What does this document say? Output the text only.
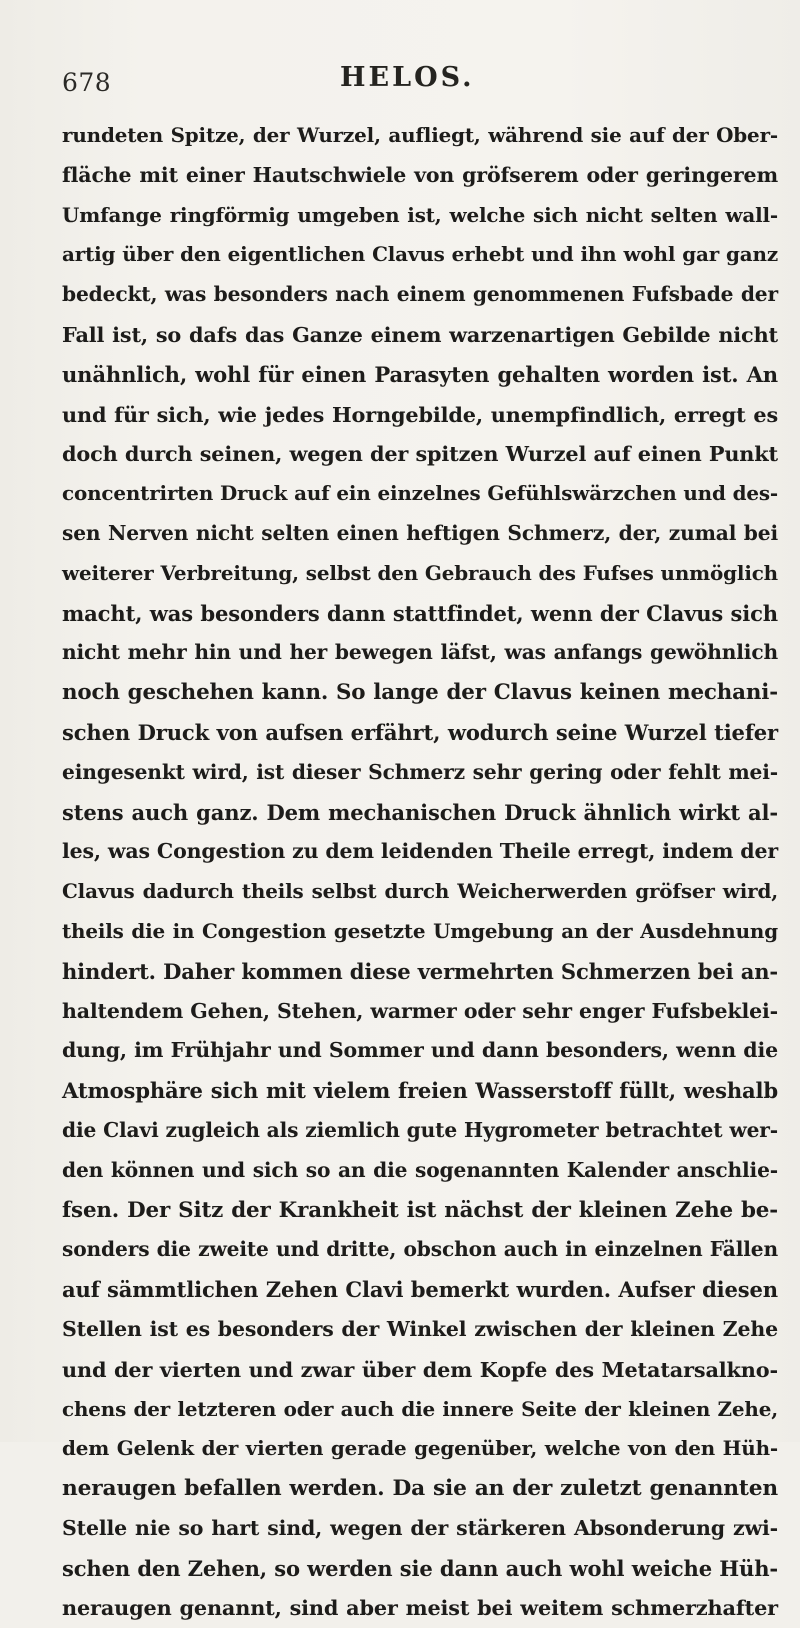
678	HELOS.
rundeten Spitze, der Wurzel, aufliegt, während sie auf der Ober-
fläche mit einer Hautschwiele von gröfserem oder geringerem
Umfange ringförmig umgeben ist, welche sich nicht selten wall-
artig über den eigentlichen Clavus erhebt und ihn wohl gar ganz
bedeckt, was besonders nach einem genommenen Fufsbade der
Fall ist, so dafs das Ganze einem warzenartigen Gebilde nicht
unähnlich, wohl für einen Parasyten gehalten worden ist. An
und für sich, wie jedes Horngebilde, unempfindlich, erregt es
doch durch seinen, wegen der spitzen Wurzel auf einen Punkt
concentrirten Druck auf ein einzelnes Gefühlswärzchen und des-
sen Nerven nicht selten einen heftigen Schmerz, der, zumal bei
weiterer Verbreitung, selbst den Gebrauch des Fufses unmöglich
macht, was besonders dann stattfindet, wenn der Clavus sich
nicht mehr hin und her bewegen läfst, was anfangs gewöhnlich
noch geschehen kann. So lange der Clavus keinen mechani-
schen Druck von aufsen erfährt, wodurch seine Wurzel tiefer
eingesenkt wird, ist dieser Schmerz sehr gering oder fehlt mei-
stens auch ganz. Dem mechanischen Druck ähnlich wirkt al-
les, was Congestion zu dem leidenden Theile erregt, indem der
Clavus dadurch theils selbst durch Weicherwerden gröfser wird,
theils die in Congestion gesetzte Umgebung an der Ausdehnung
hindert. Daher kommen diese vermehrten Schmerzen bei an-
haltendem Gehen, Stehen, warmer oder sehr enger Fufsbeklei-
dung, im Frühjahr und Sommer und dann besonders, wenn die
Atmosphäre sich mit vielem freien Wasserstoff füllt, weshalb
die Clavi zugleich als ziemlich gute Hygrometer betrachtet wer-
den können und sich so an die sogenannten Kalender anschlie-
fsen. Der Sitz der Krankheit ist nächst der kleinen Zehe be-
sonders die zweite und dritte, obschon auch in einzelnen Fällen
auf sämmtlichen Zehen Clavi bemerkt wurden. Aufser diesen
Stellen ist es besonders der Winkel zwischen der kleinen Zehe
und der vierten und zwar über dem Kopfe des Metatarsalkno-
chens der letzteren oder auch die innere Seite der kleinen Zehe,
dem Gelenk der vierten gerade gegenüber, welche von den Hüh-
neraugen befallen werden. Da sie an der zuletzt genannten
Stelle nie so hart sind, wegen der stärkeren Absonderung zwi-
schen den Zehen, so werden sie dann auch wohl weiche Hüh-
neraugen genannt, sind aber meist bei weitem schmerzhafter
